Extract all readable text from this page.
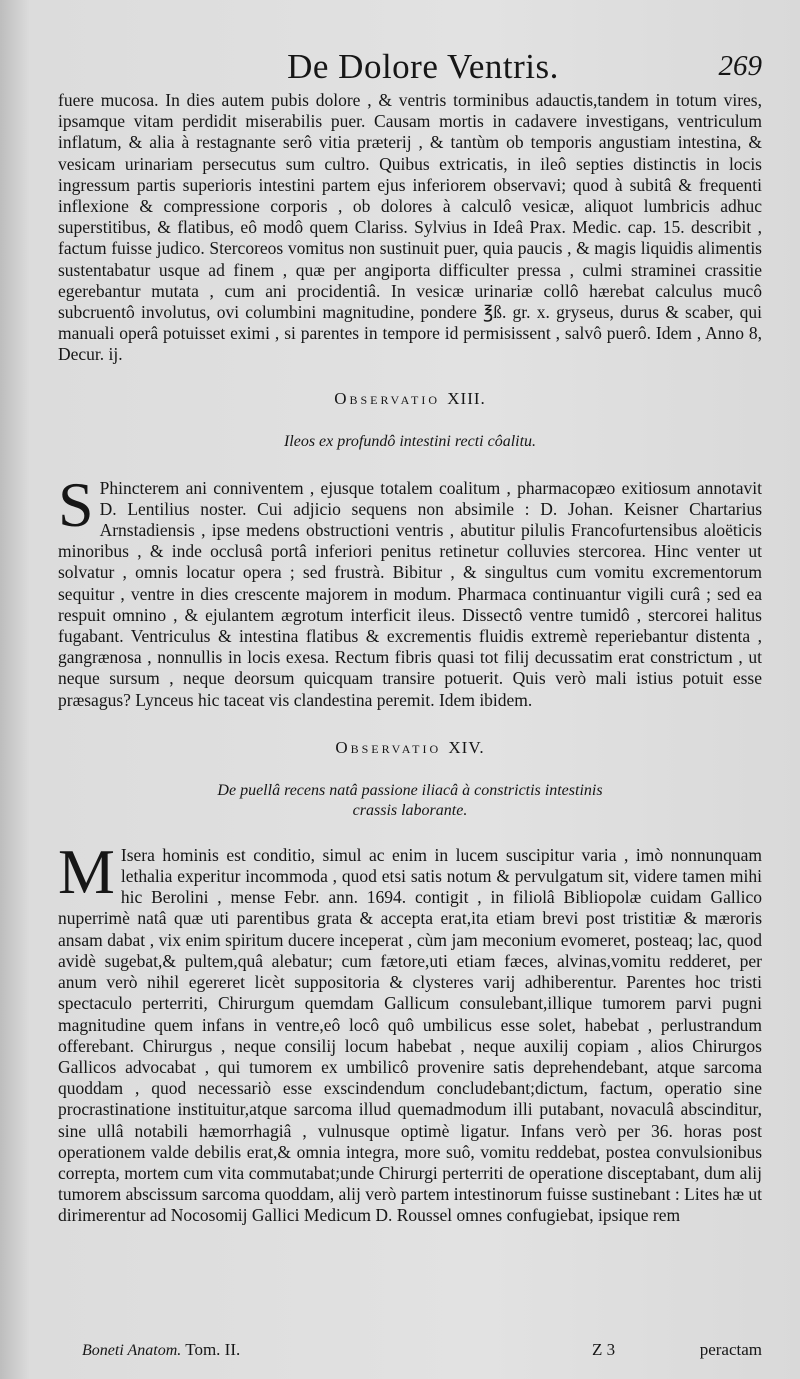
De Dolore Ventris.	269

fuere mucosa. In dies autem pubis dolore , & ventris torminibus adauctis,tandem in totum vires, ipsamque vitam perdidit miserabilis puer. Causam mortis in cadavere investigans, ventriculum inflatum, & alia à restagnante serô vitia præterij , & tantùm ob temporis angustiam intestina, & vesicam urinariam persecutus sum cultro. Quibus extricatis, in ileô septies distinctis in locis ingressum partis superioris intestini partem ejus inferiorem observavi; quod à subitâ & frequenti inflexione & compressione corporis , ob dolores à calculô vesicæ, aliquot lumbricis adhuc superstitibus, & flatibus, eô modô quem Clariss. Sylvius in Ideâ Prax. Medic. cap. 15. describit , factum fuisse judico. Stercoreos vomitus non sustinuit puer, quia paucis , & magis liquidis alimentis sustentabatur usque ad finem , quæ per angiporta difficulter pressa , culmi straminei crassitie egerebantur mutata , cum ani procidentiâ. In vesicæ urinariæ collô hærebat calculus mucô subcruentô involutus, ovi columbini magnitudine, pondere ℥ß. gr. x. gryseus, durus & scaber, qui manuali operâ potuisset eximi , si parentes in tempore id permisissent , salvô puerô. Idem , Anno 8, Decur. ij.

Observatio XIII.
Ileos ex profundô intestini recti côalitu.

S Phincterem ani conniventem , ejusque totalem coalitum , pharmacopæo exitiosum annotavit D. Lentilius noster. Cui adjicio sequens non absimile : D. Johan. Keisner Chartarius Arnstadiensis , ipse medens obstructioni ventris , abutitur pilulis Francofurtensibus aloëticis minoribus , & inde occlusâ portâ inferiori penitus retinetur colluvies stercorea. Hinc venter ut solvatur , omnis locatur opera ; sed frustrà. Bibitur , & singultus cum vomitu excrementorum sequitur , ventre in dies crescente majorem in modum. Pharmaca continuantur vigili curâ ; sed ea respuit omnino , & ejulantem ægrotum interficit ileus. Dissectô ventre tumidô , stercorei halitus fugabant. Ventriculus & intestina flatibus & excrementis fluidis extremè reperiebantur distenta , gangrænosa , nonnullis in locis exesa. Rectum fibris quasi tot filij decussatim erat constrictum , ut neque sursum , neque deorsum quicquam transire potuerit. Quis verò mali istius potuit esse præsagus? Lynceus hic taceat vis clandestina peremit. Idem ibidem.

Observatio XIV.
De puellâ recens natâ passione iliacâ à constrictis intestinis
crassis laborante.

M Isera hominis est conditio, simul ac enim in lucem suscipitur varia , imò nonnunquam lethalia experitur incommoda , quod etsi satis notum & pervulgatum sit, videre tamen mihi hic Berolini , mense Febr. ann. 1694. contigit , in filiolâ Bibliopolæ cuidam Gallico nuperrimè natâ quæ uti parentibus grata & accepta erat,ita etiam brevi post tristitiæ & mæroris ansam dabat , vix enim spiritum ducere inceperat , cùm jam meconium evomeret, posteaq; lac, quod avidè sugebat,& pultem,quâ alebatur; cum fætore,uti etiam fæces, alvinas,vomitu redderet, per anum verò nihil egereret licèt suppositoria & clysteres varij adhiberentur. Parentes hoc tristi spectaculo perterriti, Chirurgum quemdam Gallicum consulebant,illique tumorem parvi pugni magnitudine quem infans in ventre,eô locô quô umbilicus esse solet, habebat , perlustrandum offerebant. Chirurgus , neque consilij locum habebat , neque auxilij copiam , alios Chirurgos Gallicos advocabat , qui tumorem ex umbilicô provenire satis deprehendebant, atque sarcoma quoddam , quod necessariò esse exscindendum concludebant;dictum, factum, operatio sine procrastinatione instituitur,atque sarcoma illud quemadmodum illi putabant, novaculâ abscinditur, sine ullâ notabili hæmorrhagiâ , vulnusque optimè ligatur. Infans verò per 36. horas post operationem valde debilis erat,& omnia integra, more suô, vomitu reddebat, postea convulsionibus correpta, mortem cum vita commutabat;unde Chirurgi perterriti de operatione disceptabant, dum alij tumorem abscissum sarcoma quoddam, alij verò partem intestinorum fuisse sustinebant : Lites hæ ut dirimerentur ad Nocosomij Gallici Medicum D. Roussel omnes confugiebat, ipsique rem

Boneti Anatom. Tom. II.	Z 3	peractam
